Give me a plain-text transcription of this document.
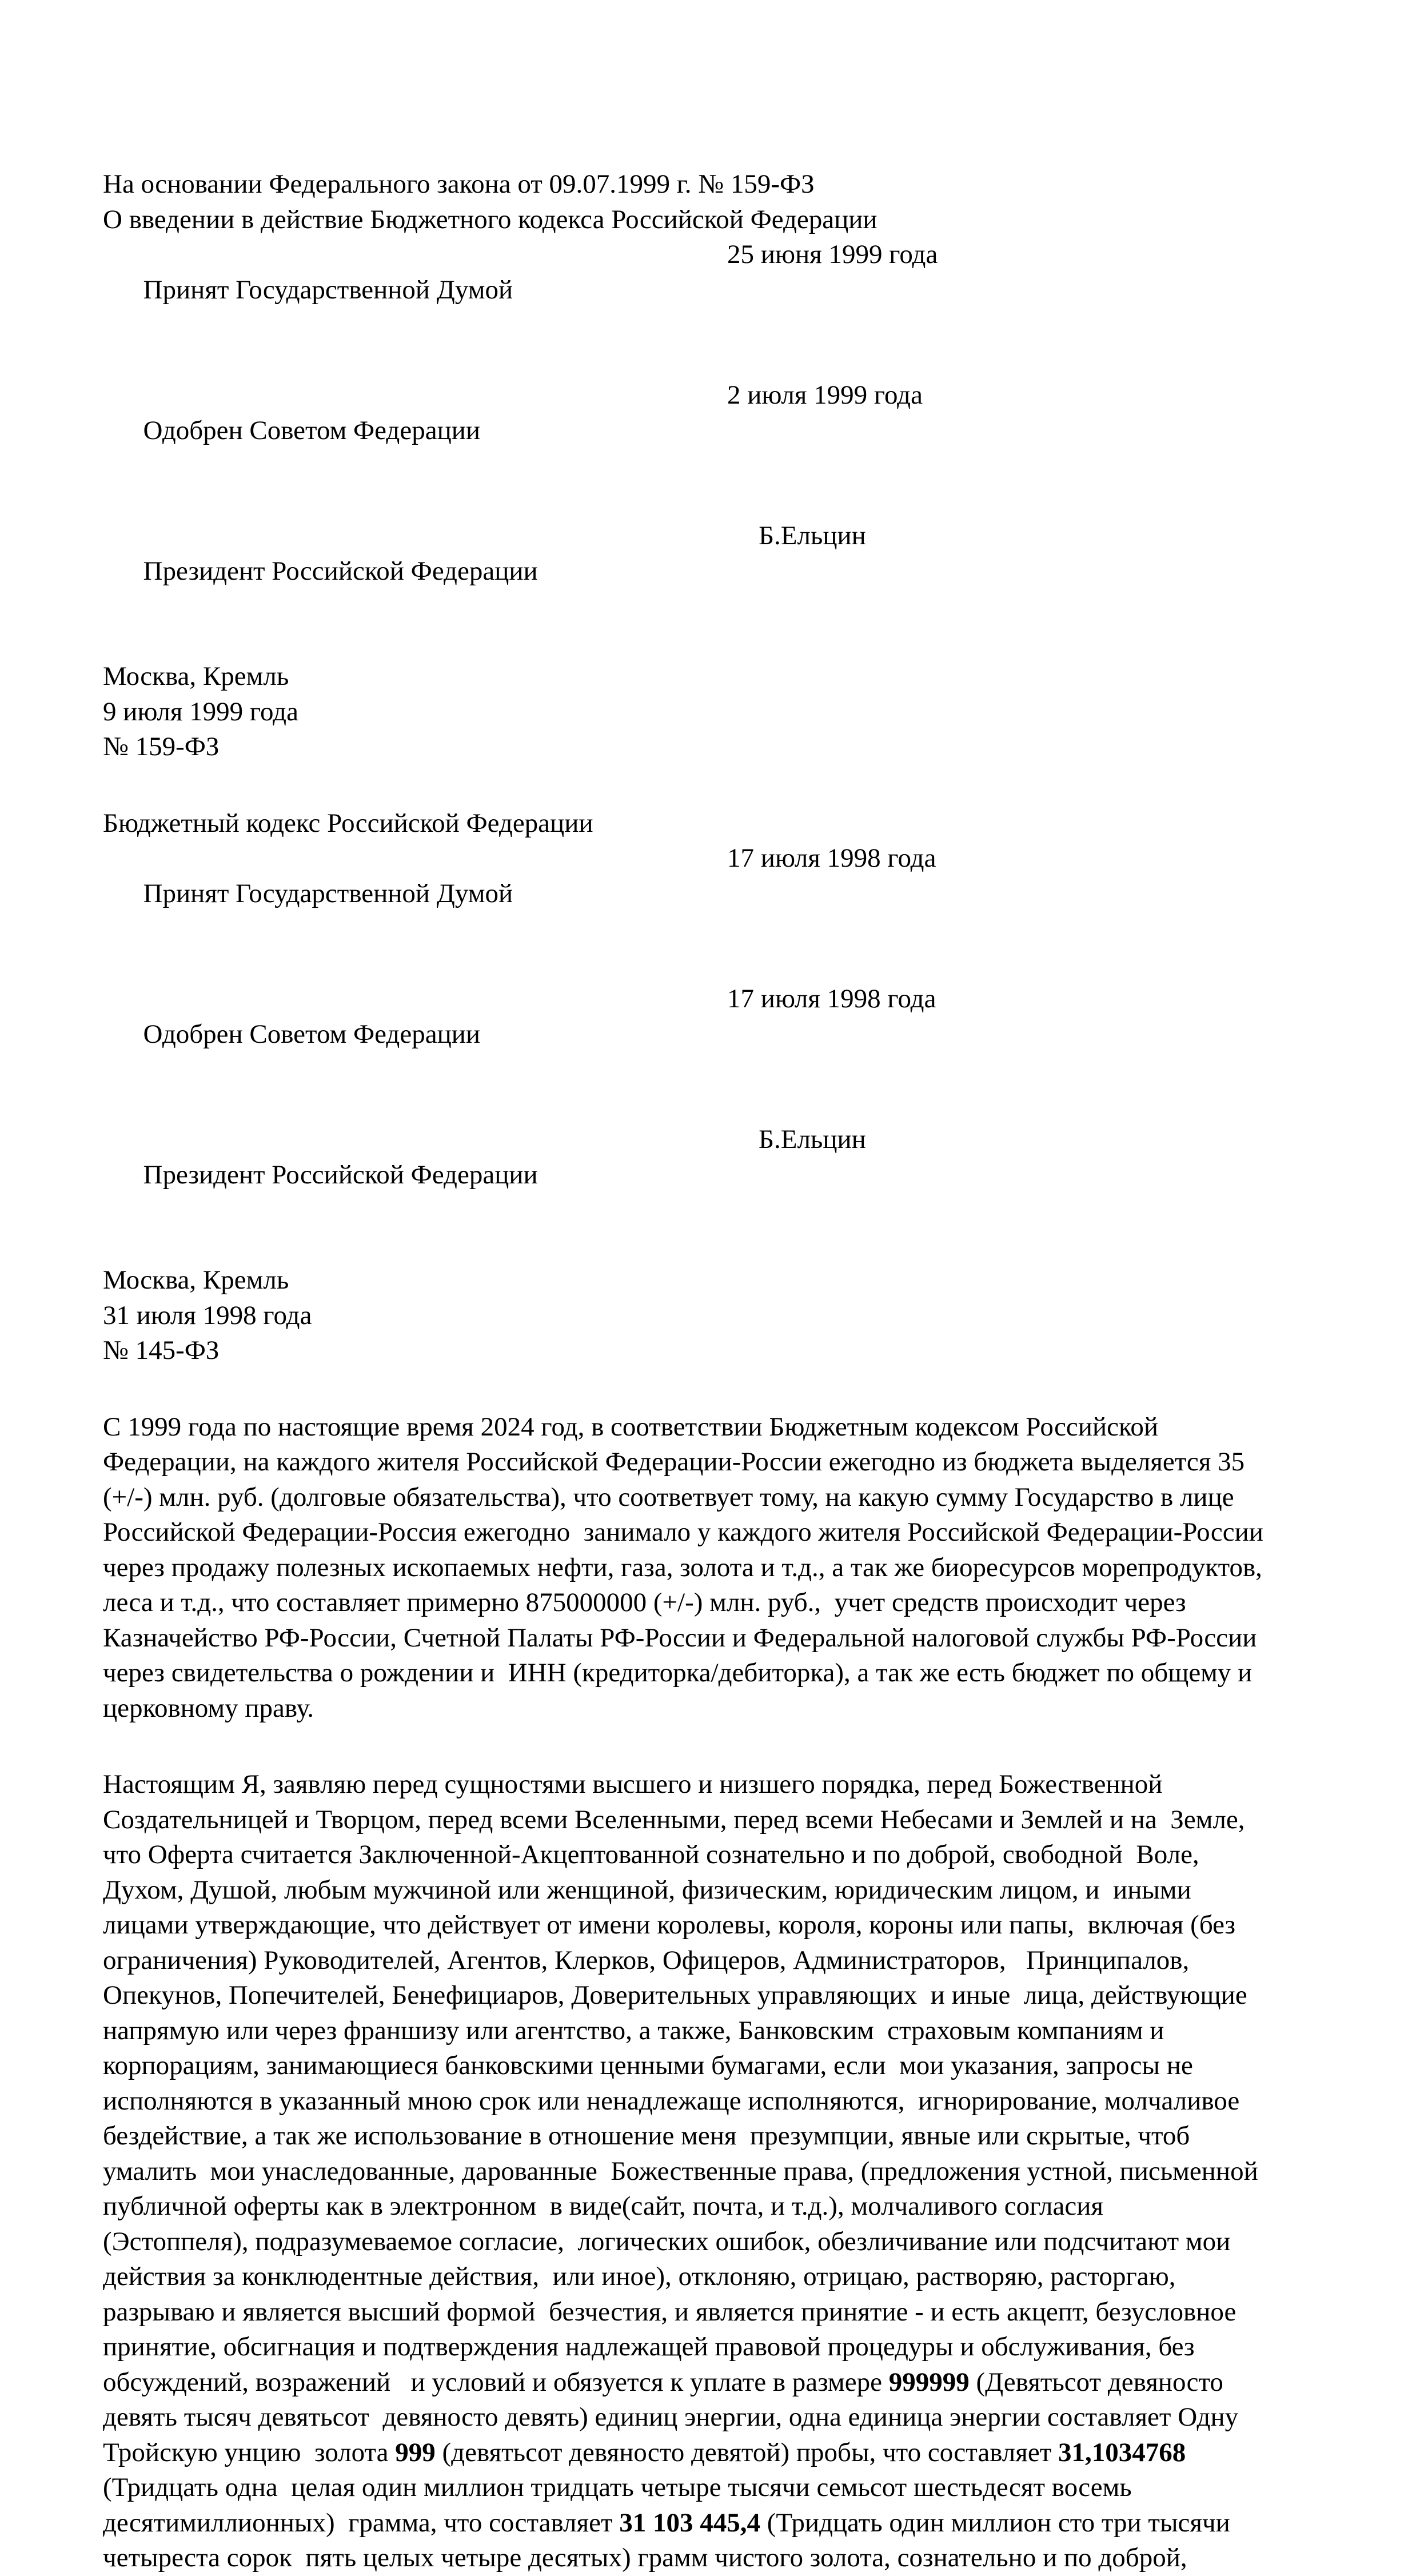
На основании Федерального закона от 09.07.1999 г. № 159-ФЗ
О введении в действие Бюджетного кодекса Российской Федерации

Принят Государственной Думой

25 июня 1999 года

Одобрен Советом Федерации

2 июля 1999 года

Президент Российской Федерации

Б.Ельцин

Москва, Кремль
9 июля 1999 года
№ 159-ФЗ
Бюджетный кодекс Российской Федерации

Принят Государственной Думой

17 июля 1998 года

Одобрен Советом Федерации

17 июля 1998 года

Президент Российской Федерации

Б.Ельцин

Москва, Кремль
31 июля 1998 года
№ 145-ФЗ
С 1999 года по настоящие время 2024 год, в соответствии Бюджетным кодексом Российской
Федерации, на каждого жителя Российской Федерации-России ежегодно из бюджета выделяется 35
(+/-) млн. руб. (долговые обязательства), что соответвует тому, на какую сумму Государство в лице
Российской Федерации-Россия ежегодно  занимало у каждого жителя Российской Федерации-России
через продажу полезных ископаемых нефти, газа, золота и т.д., а так же биоресурсов морепродуктов,
леса и т.д., что составляет примерно 875000000 (+/-) млн. руб.,  учет средств происходит через
Казначейство РФ-России, Счетной Палаты РФ-России и Федеральной налоговой службы РФ-России
через свидетельства о рождении и  ИНН (кредиторка/дебиторка), а так же есть бюджет по общему и
церковному праву.
Настоящим Я, заявляю перед сущностями высшего и низшего порядка, перед Божественной
Создательницей и Творцом, перед всеми Вселенными, перед всеми Небесами и Землей и на  Земле,
что Оферта считается Заключенной-Акцептованной сознательно и по доброй, свободной  Воле,
Духом, Душой, любым мужчиной или женщиной, физическим, юридическим лицом, и  иными
лицами утверждающие, что действует от имени королевы, короля, короны или папы,  включая (без
ограничения) Руководителей, Агентов, Клерков, Офицеров, Администраторов,   Принципалов,
Опекунов, Попечителей, Бенефициаров, Доверительных управляющих  и иные  лица, действующие
напрямую или через франшизу или агентство, а также, Банковским  страховым компаниям и
корпорациям, занимающиеся банковскими ценными бумагами, если  мои указания, запросы не
исполняются в указанный мною срок или ненадлежаще исполняются,  игнорирование, молчаливое
бездействие, а так же использование в отношение меня  презумпции, явные или скрытые, чтоб
умалить  мои унаследованные, дарованные  Божественные права, (предложения устной, письменной
публичной оферты как в электронном  в виде(сайт, почта, и т.д.), молчаливого согласия
(Эстоппеля), подразумеваемое согласие,  логических ошибок, обезличивание или подсчитают мои
действия за конклюдентные действия,  или иное), отклоняю, отрицаю, растворяю, расторгаю,
разрываю и является высший формой  безчестия, и является принятие - и есть акцепт, безусловное
принятие, обсигнация и подтверждения надлежащей правовой процедуры и обслуживания, без
обсуждений, возражений   и условий и обязуется к уплате в размере 999999 (Девятьсот девяносто
девять тысяч девятьсот  девяносто девять) единиц энергии, одна единица энергии составляет Одну
Тройскую унцию  золота 999 (девятьсот девяносто девятой) пробы, что составляет 31,1034768
(Тридцать одна  целая один миллион тридцать четыре тысячи семьсот шестьдесят восемь
десятимиллионных)  грамма, что составляет 31 103 445,4 (Тридцать один миллион сто три тысячи
четыреста сорок  пять целых четыре десятых) грамм чистого золота, сознательно и по доброй,
